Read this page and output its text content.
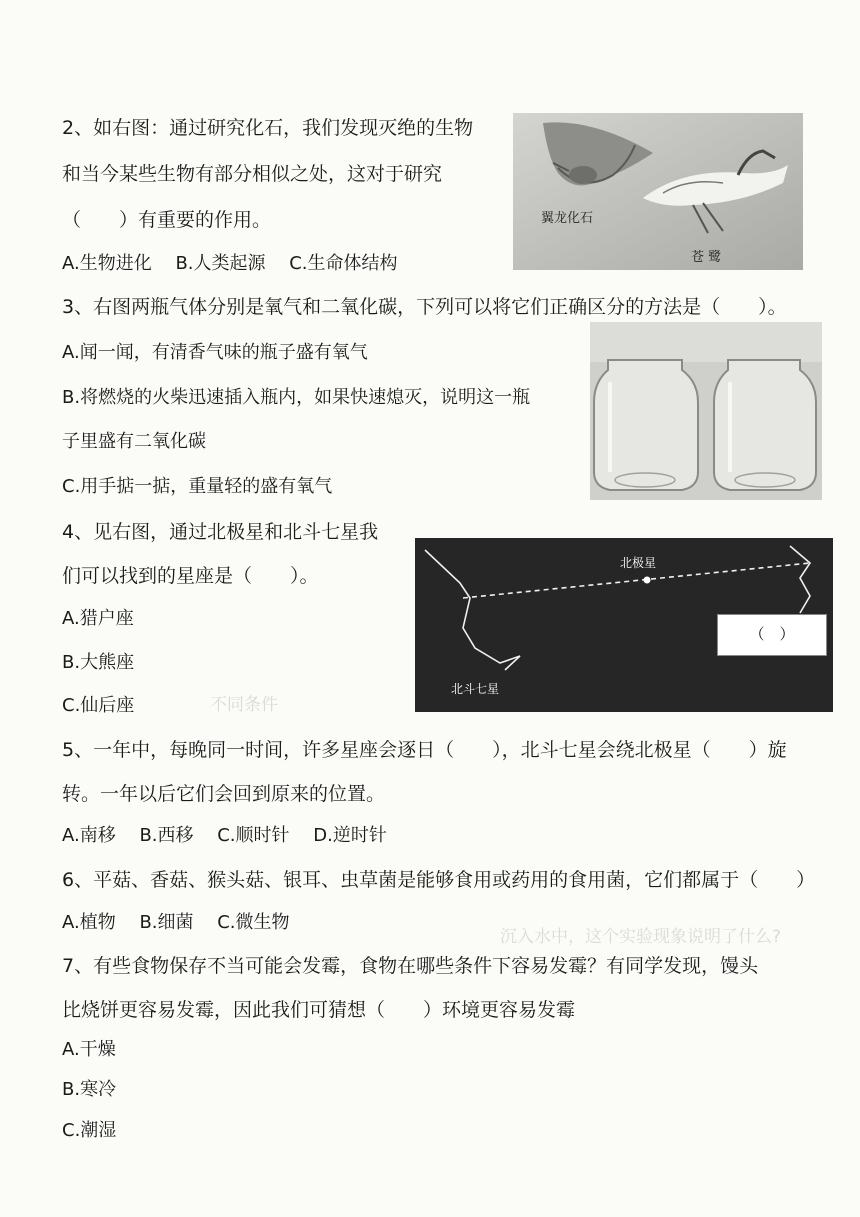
不同条件
沉入水中，这个实验现象说明了什么?
2、如右图：通过研究化石，我们发现灭绝的生物
和当今某些生物有部分相似之处，这对于研究
（　　）有重要的作用。
A.生物进化　 B.人类起源　 C.生命体结构
翼龙化石
苍 鹭
3、右图两瓶气体分别是氧气和二氧化碳，下列可以将它们正确区分的方法是（　　）。
A.闻一闻，有清香气味的瓶子盛有氧气
B.将燃烧的火柴迅速插入瓶内，如果快速熄灭，说明这一瓶
子里盛有二氧化碳
C.用手掂一掂，重量轻的盛有氧气
4、见右图，通过北极星和北斗七星我
们可以找到的星座是（　　）。
A.猎户座
B.大熊座
C.仙后座
北极星
北斗七星
（　）
5、一年中，每晚同一时间，许多星座会逐日（　　），北斗七星会绕北极星（　　）旋
转。一年以后它们会回到原来的位置。
A.南移　 B.西移　 C.顺时针　 D.逆时针
6、平菇、香菇、猴头菇、银耳、虫草菌是能够食用或药用的食用菌，它们都属于（　　）
A.植物　 B.细菌　 C.微生物
7、有些食物保存不当可能会发霉，食物在哪些条件下容易发霉？有同学发现，馒头
比烧饼更容易发霉，因此我们可猜想（　　）环境更容易发霉
A.干燥
B.寒冷
C.潮湿
